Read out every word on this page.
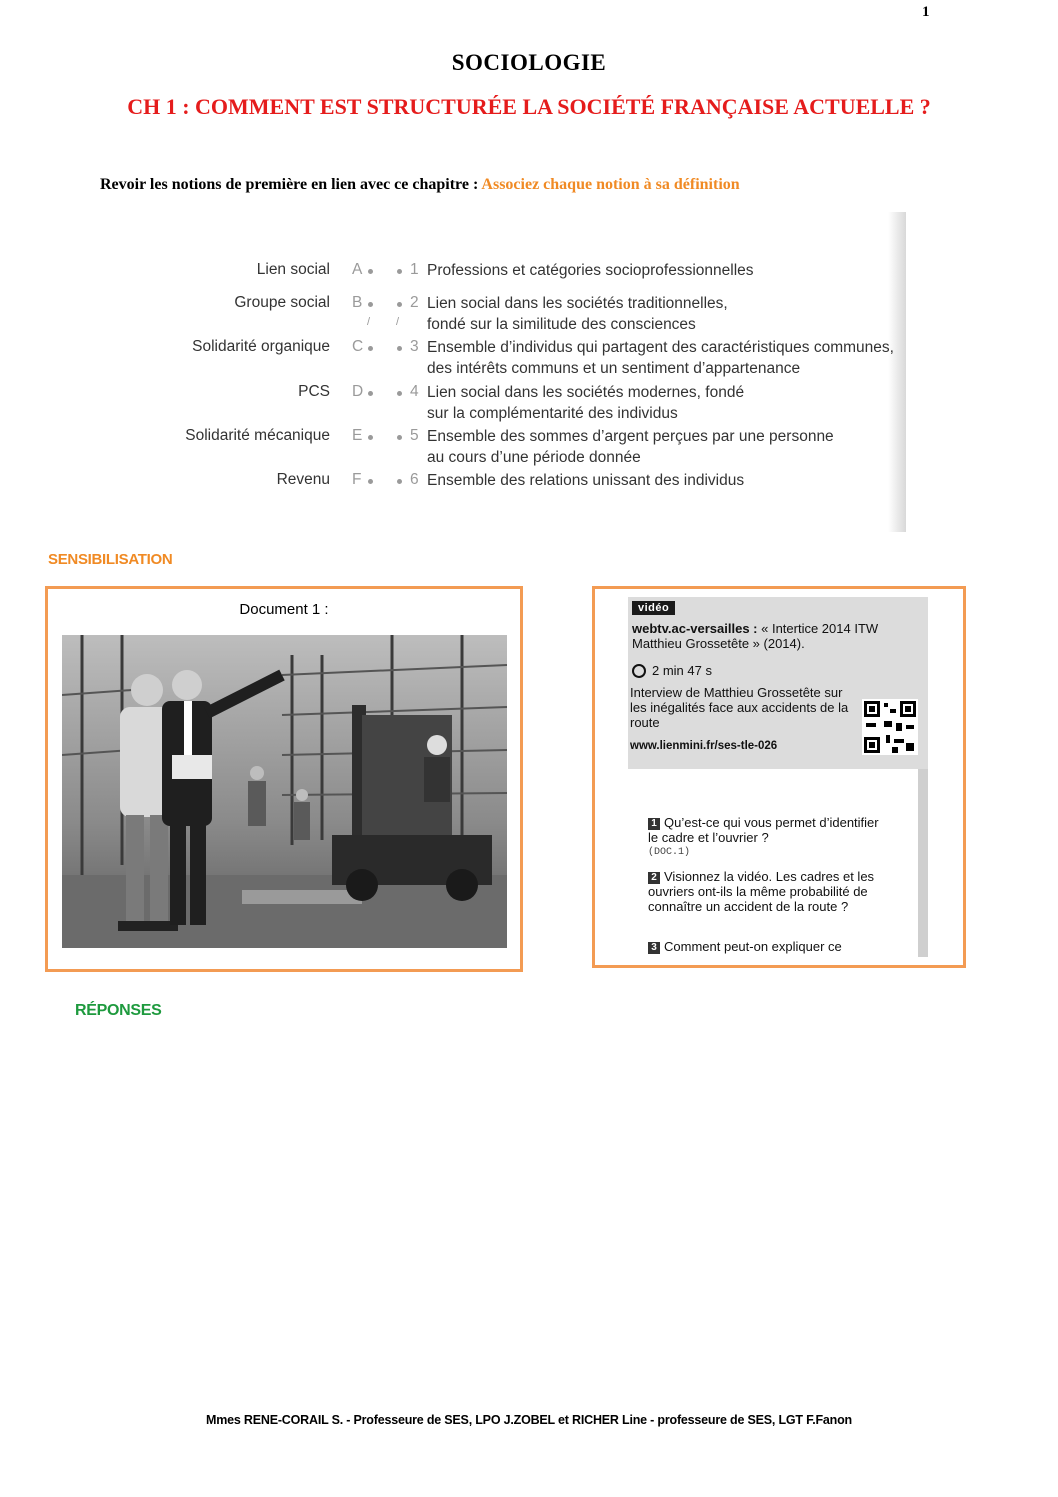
1
SOCIOLOGIE
CH 1 : COMMENT EST STRUCTURÉE LA SOCIÉTÉ FRANÇAISE ACTUELLE ?
Revoir les notions de première en lien avec ce chapitre : Associez chaque notion à sa définition
Lien social
Groupe social
Solidarité organique
PCS
Solidarité mécanique
Revenu
A
B
C
D
E
F
/ /
1
2
3
4
5
6
Professions et catégories socioprofessionnelles
Lien social dans les sociétés traditionnelles,
fondé sur la similitude des consciences
Ensemble d’individus qui partagent des caractéristiques communes,
des intérêts communs et un sentiment d’appartenance
Lien social dans les sociétés modernes, fondé
sur la complémentarité des individus
Ensemble des sommes d’argent perçues par une personne
au cours d’une période donnée
Ensemble des relations unissant des individus
SENSIBILISATION
Document 1 :	vidéo
webtv.ac-versailles : « Intertice 2014 ITW Matthieu Grossetête » (2014).
2 min 47 s
Interview de Matthieu Grossetête sur les inégalités face aux accidents de la route
www.lienmini.fr/ses-tle-026
1 Qu’est-ce qui vous permet d’identifier le cadre et l’ouvrier ?
(DOC.1)
2 Visionnez la vidéo. Les cadres et les ouvriers ont-ils la même probabilité de connaître un accident de la route ?
3 Comment peut-on expliquer ce
RÉPONSES
Mmes RENE-CORAIL S. - Professeure de SES, LPO J.ZOBEL et RICHER Line - professeure de SES, LGT F.Fanon
